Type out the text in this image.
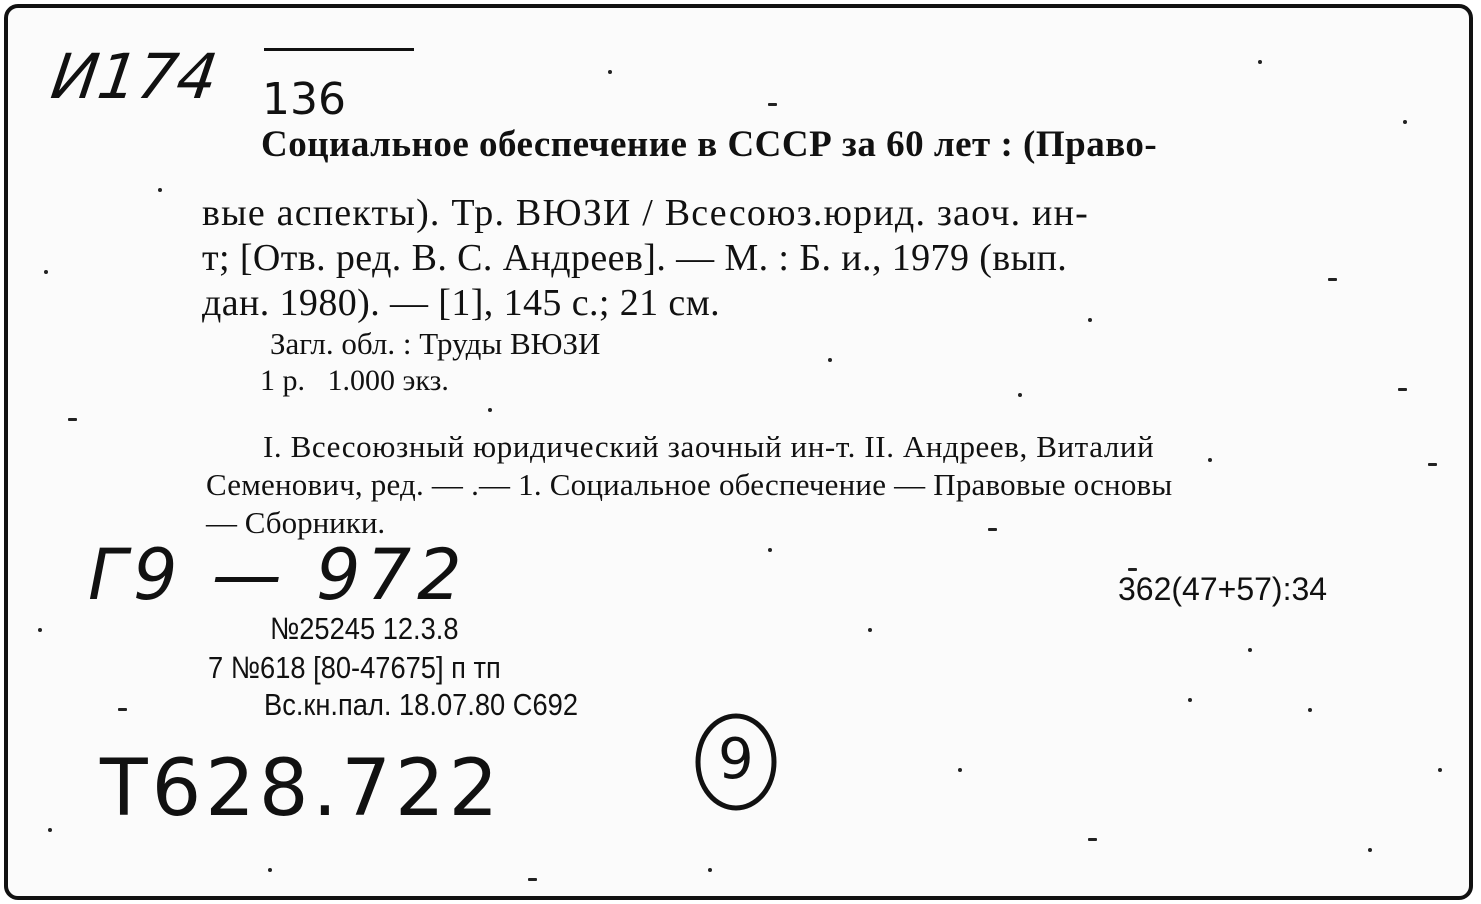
И174 136
Социальное обеспечение в СССР за 60 лет : (Право-
вые аспекты). Тр. ВЮЗИ / Всесоюз.юрид. заоч. ин-
т; [Отв. ред. В. С. Андреев]. — М. : Б. и., 1979 (вып.
дан. 1980). — [1], 145 с.; 21 см.
Загл. обл. : Труды ВЮЗИ
1 р.   1.000 экз.
I. Всесоюзный юридический заочный ин-т. II. Андреев, Виталий
Семенович, ред. — .— 1. Социальное обеспечение — Правовые основы
— Сборники.
Г9 — 972	362(47+57):34
№25245 12.3.8
7 №618 [80-47675] п тп
Вс.кн.пал. 18.07.80 С692
Т628.722	9
